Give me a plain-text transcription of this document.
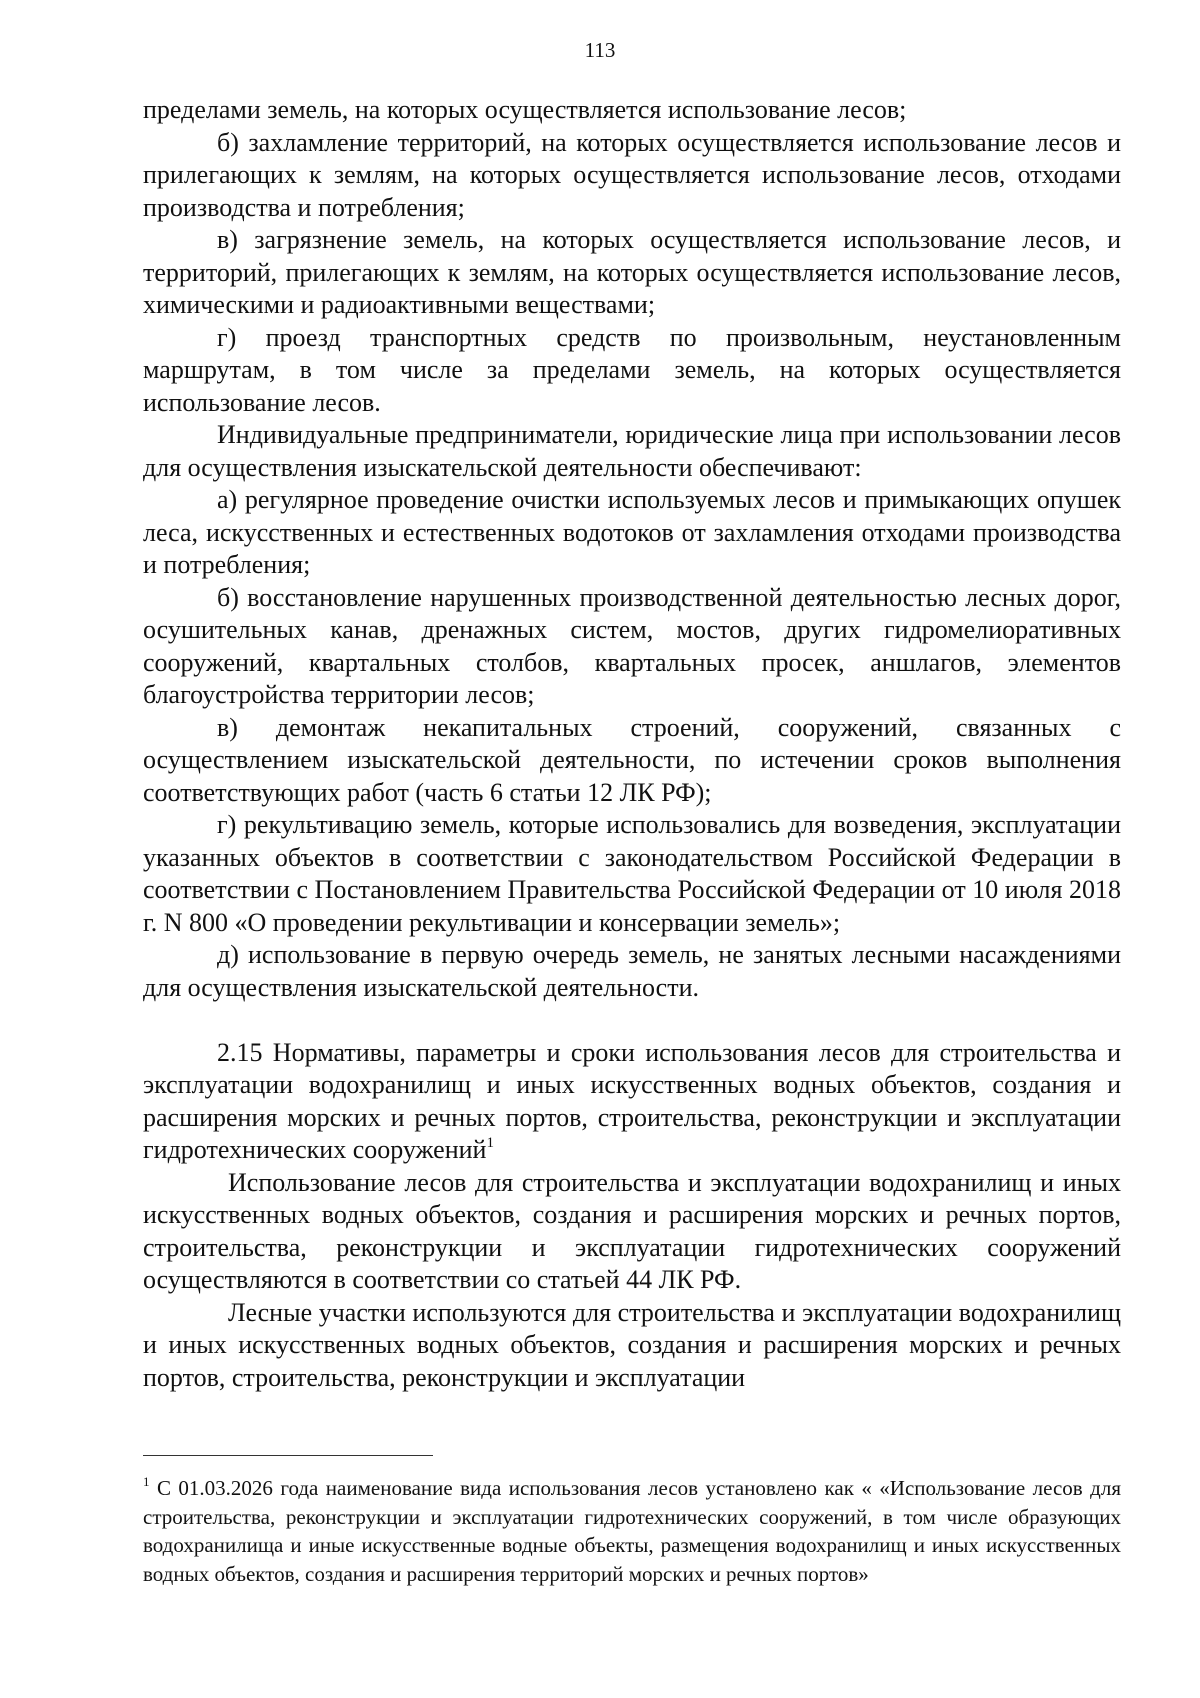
113

пределами земель, на которых осуществляется использование лесов;

б) захламление территорий, на которых осуществляется использование лесов и прилегающих к землям, на которых осуществляется использование лесов, отходами производства и потребления;

в) загрязнение земель, на которых осуществляется использование лесов, и территорий, прилегающих к землям, на которых осуществляется использование лесов, химическими и радиоактивными веществами;

г) проезд транспортных средств по произвольным, неустановленным маршрутам, в том числе за пределами земель, на которых осуществляется использование лесов.

Индивидуальные предприниматели, юридические лица при использовании лесов для осуществления изыскательской деятельности обеспечивают:

а) регулярное проведение очистки используемых лесов и примыкающих опушек леса, искусственных и естественных водотоков от захламления отходами производства и потребления;

б) восстановление нарушенных производственной деятельностью лесных дорог, осушительных канав, дренажных систем, мостов, других гидромелиоративных сооружений, квартальных столбов, квартальных просек, аншлагов, элементов благоустройства территории лесов;

в) демонтаж некапитальных строений, сооружений, связанных с осуществлением изыскательской деятельности, по истечении сроков выполнения соответствующих работ (часть 6 статьи 12 ЛК РФ);

г) рекультивацию земель, которые использовались для возведения, эксплуатации указанных объектов в соответствии с законодательством Российской Федерации в соответствии с Постановлением Правительства Российской Федерации от 10 июля 2018 г. N 800 «О проведении рекультивации и консервации земель»;

д) использование в первую очередь земель, не занятых лесными насаждениями для осуществления изыскательской деятельности.

2.15 Нормативы, параметры и сроки использования лесов для строительства и эксплуатации водохранилищ и иных искусственных водных объектов, создания и расширения морских и речных портов, строительства, реконструкции и эксплуатации гидротехнических сооружений$^1$

Использование лесов для строительства и эксплуатации водохранилищ и иных искусственных водных объектов, создания и расширения морских и речных портов, строительства, реконструкции и эксплуатации гидротехнических сооружений осуществляются в соответствии со статьей 44 ЛК РФ.

Лесные участки используются для строительства и эксплуатации водохранилищ и иных искусственных водных объектов, создания и расширения морских и речных портов, строительства, реконструкции и эксплуатации

$^1$ С 01.03.2026 года наименование вида использования лесов установлено как « «Использование лесов для строительства, реконструкции и эксплуатации гидротехнических сооружений, в том числе образующих водохранилища и иные искусственные водные объекты, размещения водохранилищ и иных искусственных водных объектов, создания и расширения территорий морских и речных портов»
